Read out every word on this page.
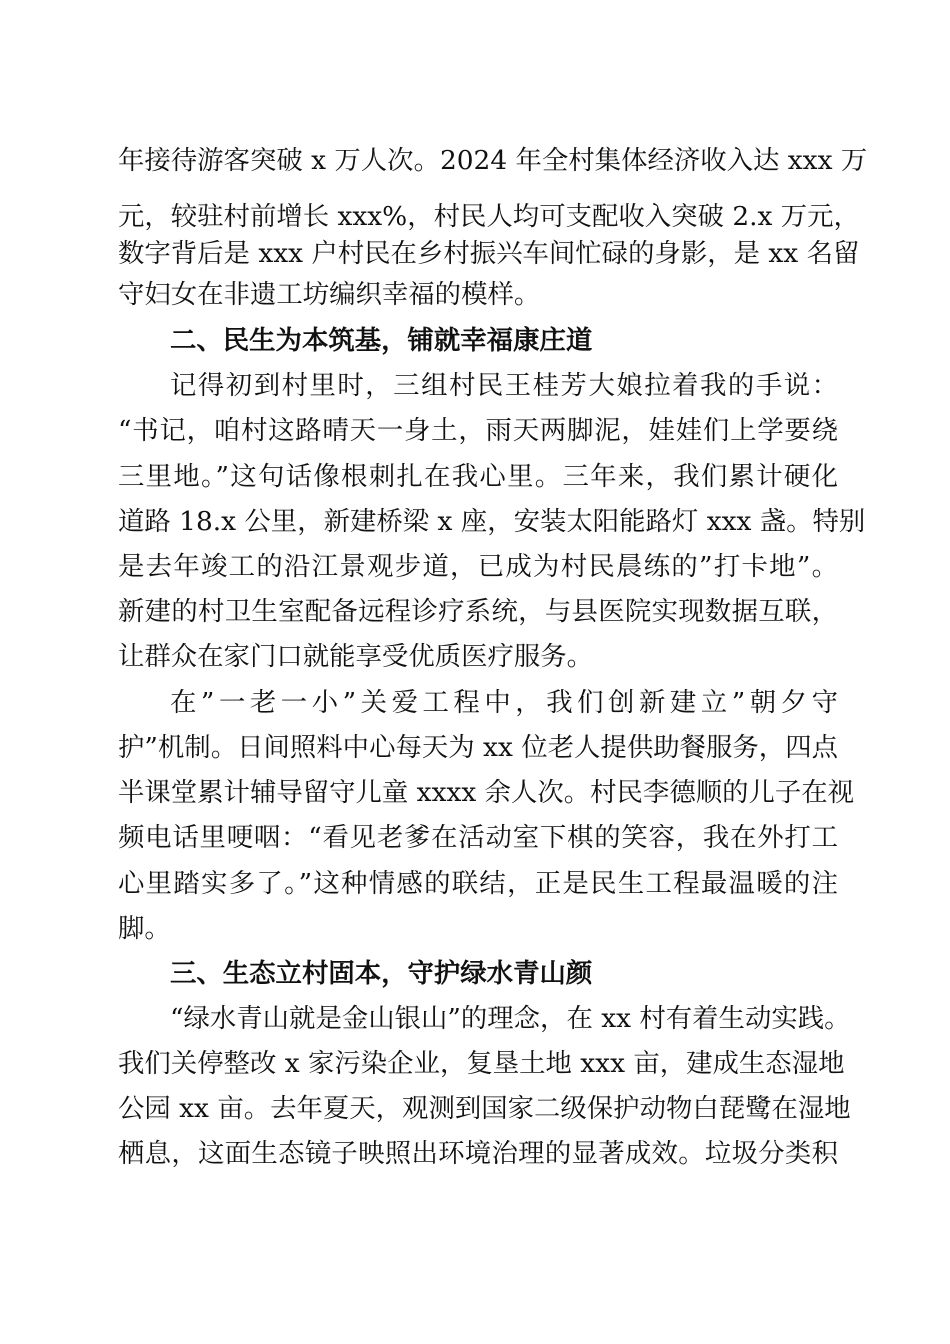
年接待游客突破 x 万人次。2024 年全村集体经济收入达 xxx 万
元，较驻村前增长 xxx%，村民人均可支配收入突破 2.x 万元，
数字背后是 xxx 户村民在乡村振兴车间忙碌的身影，是 xx 名留
守妇女在非遗工坊编织幸福的模样。
二、民生为本筑基，铺就幸福康庄道
记得初到村里时，三组村民王桂芳大娘拉着我的手说：
“书记，咱村这路晴天一身土，雨天两脚泥，娃娃们上学要绕
三里地。”这句话像根刺扎在我心里。三年来，我们累计硬化
道路 18.x 公里，新建桥梁 x 座，安装太阳能路灯 xxx 盏。特别
是去年竣工的沿江景观步道，已成为村民晨练的”打卡地”。
新建的村卫生室配备远程诊疗系统，与县医院实现数据互联，
让群众在家门口就能享受优质医疗服务。
在”一老一小”关爱工程中，我们创新建立”朝夕守
护”机制。日间照料中心每天为 xx 位老人提供助餐服务，四点
半课堂累计辅导留守儿童 xxxx 余人次。村民李德顺的儿子在视
频电话里哽咽：“看见老爹在活动室下棋的笑容，我在外打工
心里踏实多了。”这种情感的联结，正是民生工程最温暖的注
脚。
三、生态立村固本，守护绿水青山颜
“绿水青山就是金山银山”的理念，在 xx 村有着生动实践。
我们关停整改 x 家污染企业，复垦土地 xxx 亩，建成生态湿地
公园 xx 亩。去年夏天，观测到国家二级保护动物白琵鹭在湿地
栖息，这面生态镜子映照出环境治理的显著成效。垃圾分类积
